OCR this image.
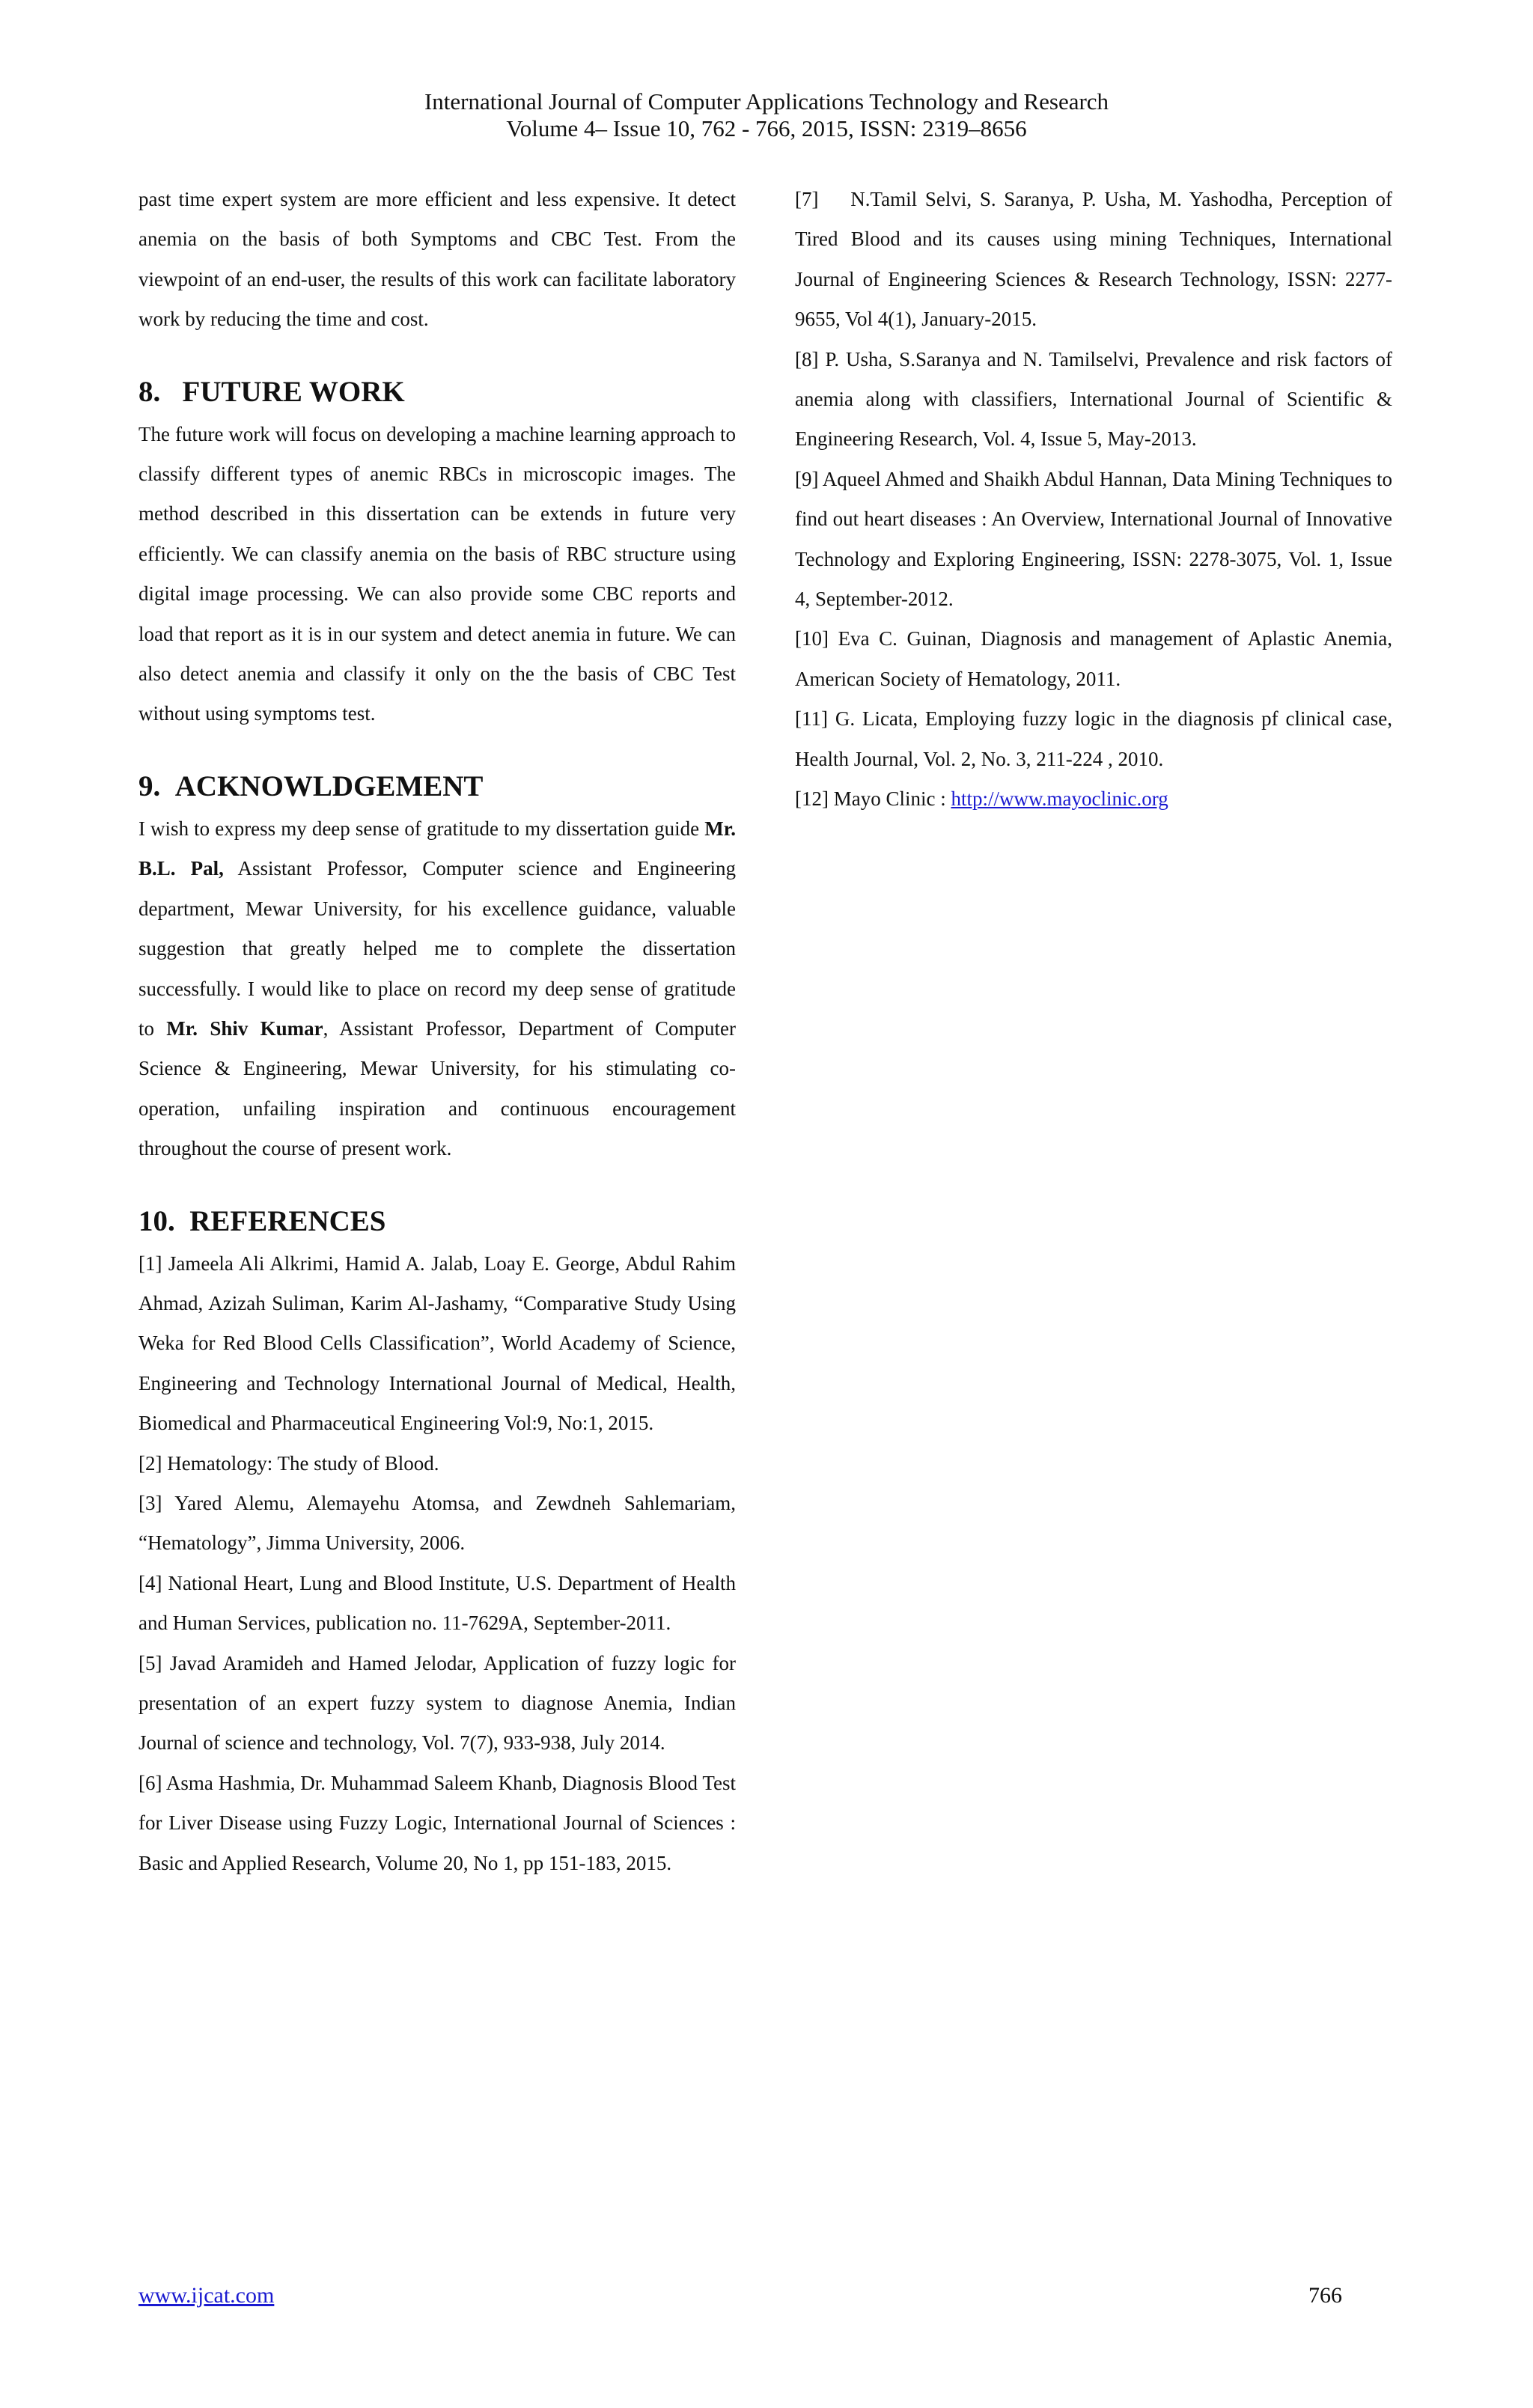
International Journal of Computer Applications Technology and Research
Volume 4– Issue 10, 762 - 766, 2015, ISSN: 2319–8656

past time expert system are more efficient and less expensive. It detect anemia on the basis of both Symptoms and CBC Test. From the viewpoint of an end-user, the results of this work can facilitate laboratory work by reducing the time and cost.

8.   FUTURE WORK

The future work will focus on developing a machine learning approach to classify different types of anemic RBCs in microscopic images. The method described in this dissertation can be extends in future very efficiently. We can classify anemia on the basis of RBC structure using digital image processing. We can also provide some CBC reports and load that report as it is in our system and detect anemia in future. We can also detect anemia and classify it only on the the basis of CBC Test without using symptoms test.

9.  ACKNOWLDGEMENT

I wish to express my deep sense of gratitude to my dissertation guide Mr. B.L. Pal, Assistant Professor, Computer science and Engineering department, Mewar University, for his excellence guidance, valuable suggestion that greatly helped me to complete the dissertation successfully. I would like to place on record my deep sense of gratitude to Mr. Shiv Kumar, Assistant Professor, Department of Computer Science & Engineering, Mewar University, for his stimulating co-operation, unfailing inspiration and continuous encouragement throughout the course of present work.

10.  REFERENCES

[1] Jameela Ali Alkrimi, Hamid A. Jalab, Loay E. George, Abdul Rahim Ahmad, Azizah Suliman, Karim Al-Jashamy, “Comparative Study Using Weka for Red Blood Cells Classification”, World Academy of Science, Engineering and Technology International Journal of Medical, Health, Biomedical and Pharmaceutical Engineering Vol:9, No:1, 2015.

[2] Hematology: The study of Blood.

[3] Yared Alemu, Alemayehu Atomsa, and Zewdneh Sahlemariam, “Hematology”, Jimma University, 2006.

[4] National Heart, Lung and Blood Institute, U.S. Department of Health and Human Services, publication no. 11-7629A, September-2011.

[5] Javad Aramideh and Hamed Jelodar, Application of fuzzy logic for presentation of an expert fuzzy system to diagnose Anemia, Indian Journal of science and technology, Vol. 7(7), 933-938, July 2014.

[6] Asma Hashmia, Dr. Muhammad Saleem Khanb, Diagnosis Blood Test for Liver Disease using Fuzzy Logic, International Journal of Sciences : Basic and Applied Research, Volume 20, No 1, pp 151-183, 2015.

[7]    N.Tamil Selvi, S. Saranya, P. Usha, M. Yashodha, Perception of Tired Blood and its causes using mining Techniques, International Journal of Engineering Sciences & Research Technology, ISSN: 2277-9655, Vol 4(1), January-2015.

[8] P. Usha, S.Saranya and N. Tamilselvi, Prevalence and risk factors of anemia along with classifiers, International Journal of Scientific & Engineering Research, Vol. 4, Issue 5, May-2013.

[9] Aqueel Ahmed and Shaikh Abdul Hannan, Data Mining Techniques to find out heart diseases : An Overview, International Journal of Innovative Technology and Exploring Engineering, ISSN: 2278-3075, Vol. 1, Issue 4, September-2012.

[10] Eva C. Guinan, Diagnosis and management of Aplastic Anemia, American Society of Hematology, 2011.

[11] G. Licata, Employing fuzzy logic in the diagnosis pf clinical case, Health Journal, Vol. 2, No. 3, 211-224 , 2010.

[12] Mayo Clinic : http://www.mayoclinic.org

www.ijcat.com	766
